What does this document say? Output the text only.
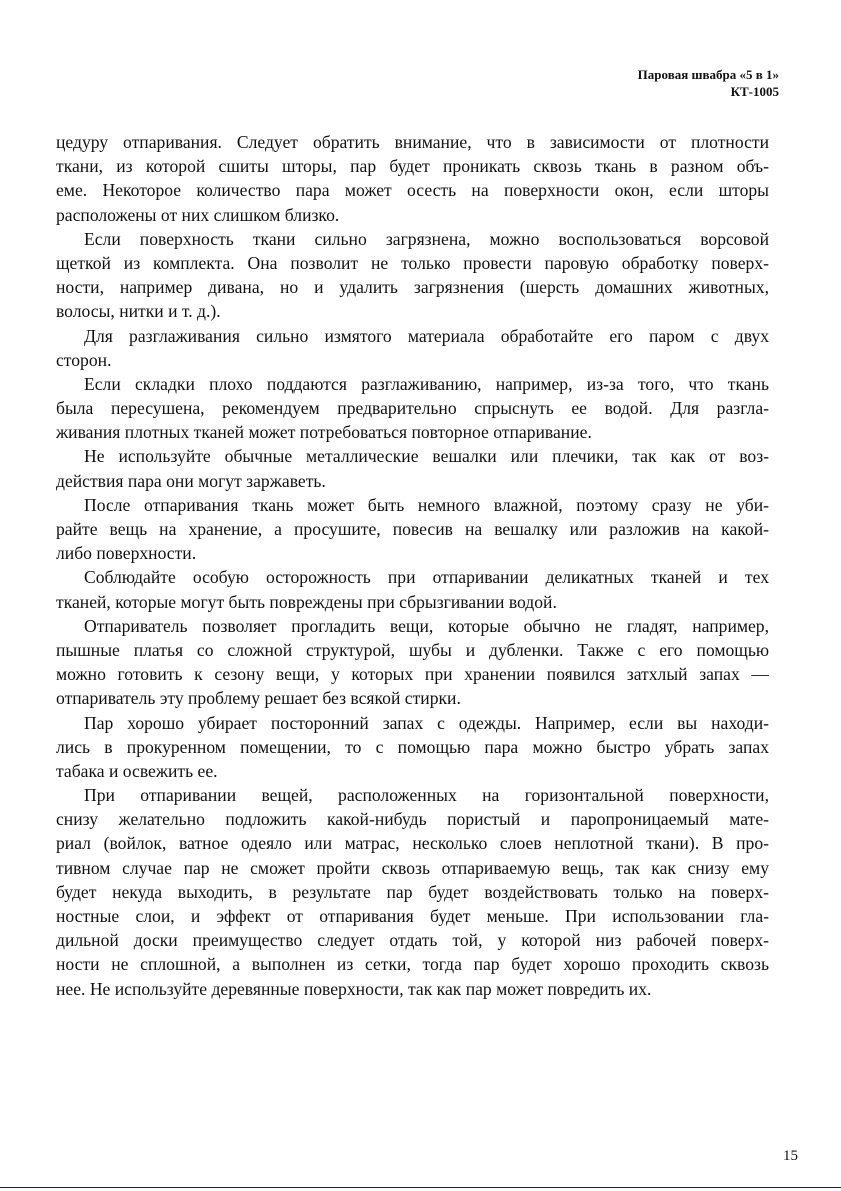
Паровая швабра «5 в 1»
КТ-1005
цедуру отпаривания. Следует обратить внимание, что в зависимости от плотности
ткани, из которой сшиты шторы, пар будет проникать сквозь ткань в разном объ-
еме. Некоторое количество пара может осесть на поверхности окон, если шторы
расположены от них слишком близко.
Если поверхность ткани сильно загрязнена, можно воспользоваться ворсовой
щеткой из комплекта. Она позволит не только провести паровую обработку поверх-
ности, например дивана, но и удалить загрязнения (шерсть домашних животных,
волосы, нитки и т. д.).
Для разглаживания сильно измятого материала обработайте его паром с двух
сторон.
Если складки плохо поддаются разглаживанию, например, из-за того, что ткань
была пересушена, рекомендуем предварительно спрыснуть ее водой. Для разгла-
живания плотных тканей может потребоваться повторное отпаривание.
Не используйте обычные металлические вешалки или плечики, так как от воз-
действия пара они могут заржаветь.
После отпаривания ткань может быть немного влажной, поэтому сразу не уби-
райте вещь на хранение, а просушите, повесив на вешалку или разложив на какой-
либо поверхности.
Соблюдайте особую осторожность при отпаривании деликатных тканей и тех
тканей, которые могут быть повреждены при сбрызгивании водой.
Отпариватель позволяет прогладить вещи, которые обычно не гладят, например,
пышные платья со сложной структурой, шубы и дубленки. Также с его помощью
можно готовить к сезону вещи, у которых при хранении появился затхлый запах —
отпариватель эту проблему решает без всякой стирки.
Пар хорошо убирает посторонний запах с одежды. Например, если вы находи-
лись в прокуренном помещении, то с помощью пара можно быстро убрать запах
табака и освежить ее.
При отпаривании вещей, расположенных на горизонтальной поверхности,
снизу желательно подложить какой-нибудь пористый и паропроницаемый мате-
риал (войлок, ватное одеяло или матрас, несколько слоев неплотной ткани). В про-
тивном случае пар не сможет пройти сквозь отпариваемую вещь, так как снизу ему
будет некуда выходить, в результате пар будет воздействовать только на поверх-
ностные слои, и эффект от отпаривания будет меньше. При использовании гла-
дильной доски преимущество следует отдать той, у которой низ рабочей поверх-
ности не сплошной, а выполнен из сетки, тогда пар будет хорошо проходить сквозь
нее. Не используйте деревянные поверхности, так как пар может повредить их.
15
